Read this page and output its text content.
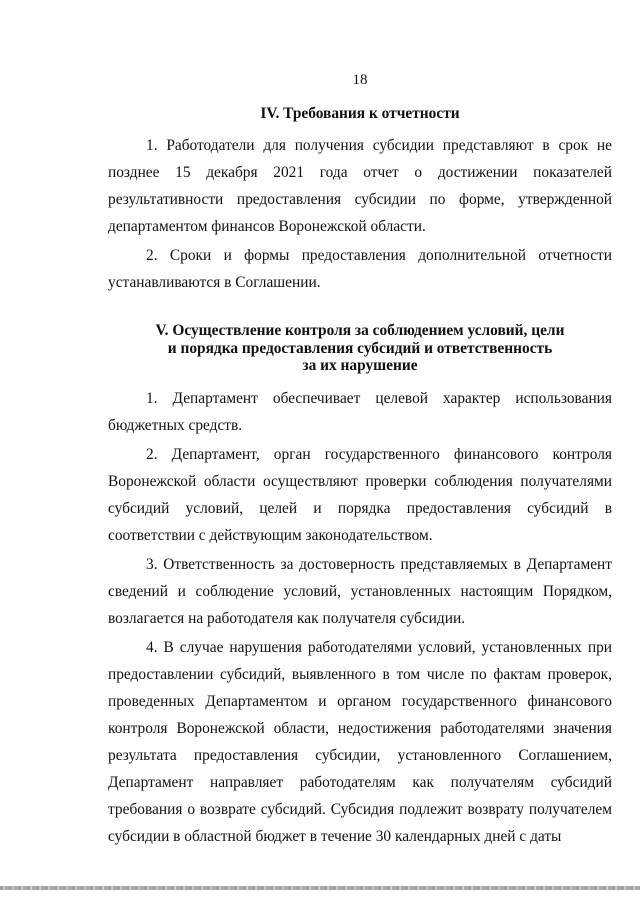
18

IV. Требования к отчетности

1. Работодатели для получения субсидии представляют в срок не позднее 15 декабря 2021 года отчет о достижении показателей результативности предоставления субсидии по форме, утвержденной департаментом финансов Воронежской области.

2. Сроки и формы предоставления дополнительной отчетности устанавливаются в Соглашении.

V. Осуществление контроля за соблюдением условий, цели
и порядка предоставления субсидий и ответственность
за их нарушение

1. Департамент обеспечивает целевой характер использования бюджетных средств.

2. Департамент, орган государственного финансового контроля Воронежской области осуществляют проверки соблюдения получателями субсидий условий, целей и порядка предоставления субсидий в соответствии с действующим законодательством.

3. Ответственность за достоверность представляемых в Департамент сведений и соблюдение условий, установленных настоящим Порядком, возлагается на работодателя как получателя субсидии.

4. В случае нарушения работодателями условий, установленных при предоставлении субсидий, выявленного в том числе по фактам проверок, проведенных Департаментом и органом государственного финансового контроля Воронежской области, недостижения работодателями значения результата предоставления субсидии, установленного Соглашением, Департамент направляет работодателям как получателям субсидий требования о возврате субсидий. Субсидия подлежит возврату получателем субсидии в областной бюджет в течение 30 календарных дней с даты
